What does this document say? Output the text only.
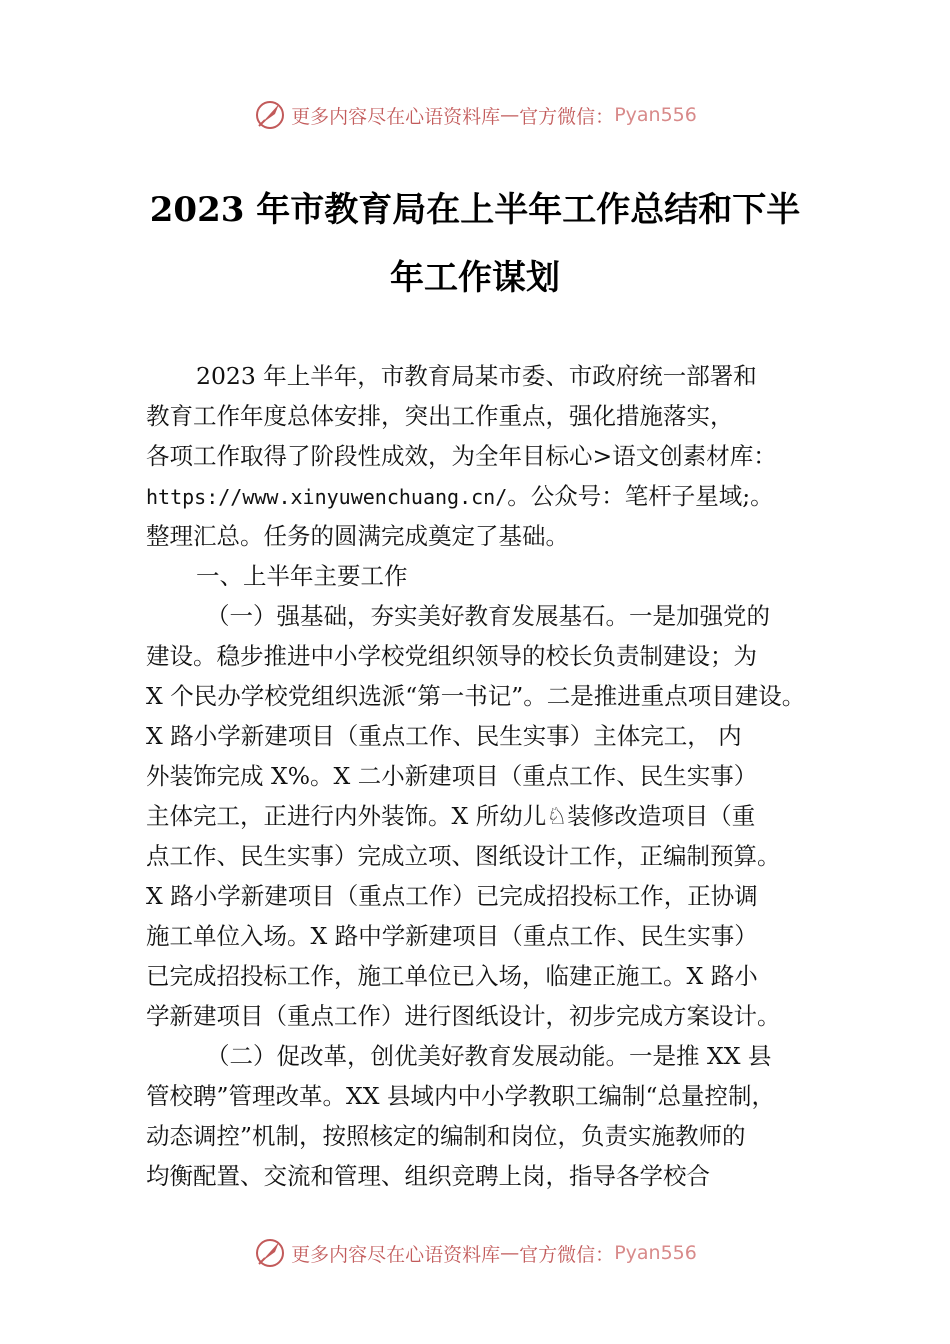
更多内容尽在心语资料库 — 官方微信： Pyan556
2023 年市教育局在上半年工作总结和下半
年工作谋划
2023 年上半年，市教育局某市委、市政府统一部署和
教育工作年度总体安排，突出工作重点，强化措施落实，
各项工作取得了阶段性成效，为全年目标心>语文创素材库：
https://www.xinyuwenchuang.cn/。公众号：笔杆子星域;。
整理汇总。任务的圆满完成奠定了基础。
一、上半年主要工作
（一）强基础，夯实美好教育发展基石。一是加强党的
建设。稳步推进中小学校党组织领导的校长负责制建设；为
X 个民办学校党组织选派“第一书记”。二是推进重点项目建设。
X 路小学新建项目（重点工作、民生实事）主体完工， 内
外装饰完成 X%。X 二小新建项目（重点工作、民生实事）
主体完工，正进行内外装饰。X 所幼儿♘装修改造项目（重
点工作、民生实事）完成立项、图纸设计工作，正编制预算。
X 路小学新建项目（重点工作）已完成招投标工作，正协调
施工单位入场。X 路中学新建项目（重点工作、民生实事）
已完成招投标工作，施工单位已入场，临建正施工。X 路小
学新建项目（重点工作）进行图纸设计，初步完成方案设计。
（二）促改革，创优美好教育发展动能。一是推 XX 县
管校聘”管理改革。XX 县域内中小学教职工编制“总量控制，
动态调控”机制，按照核定的编制和岗位，负责实施教师的
均衡配置、交流和管理、组织竞聘上岗，指导各学校合
更多内容尽在心语资料库 — 官方微信： Pyan556
